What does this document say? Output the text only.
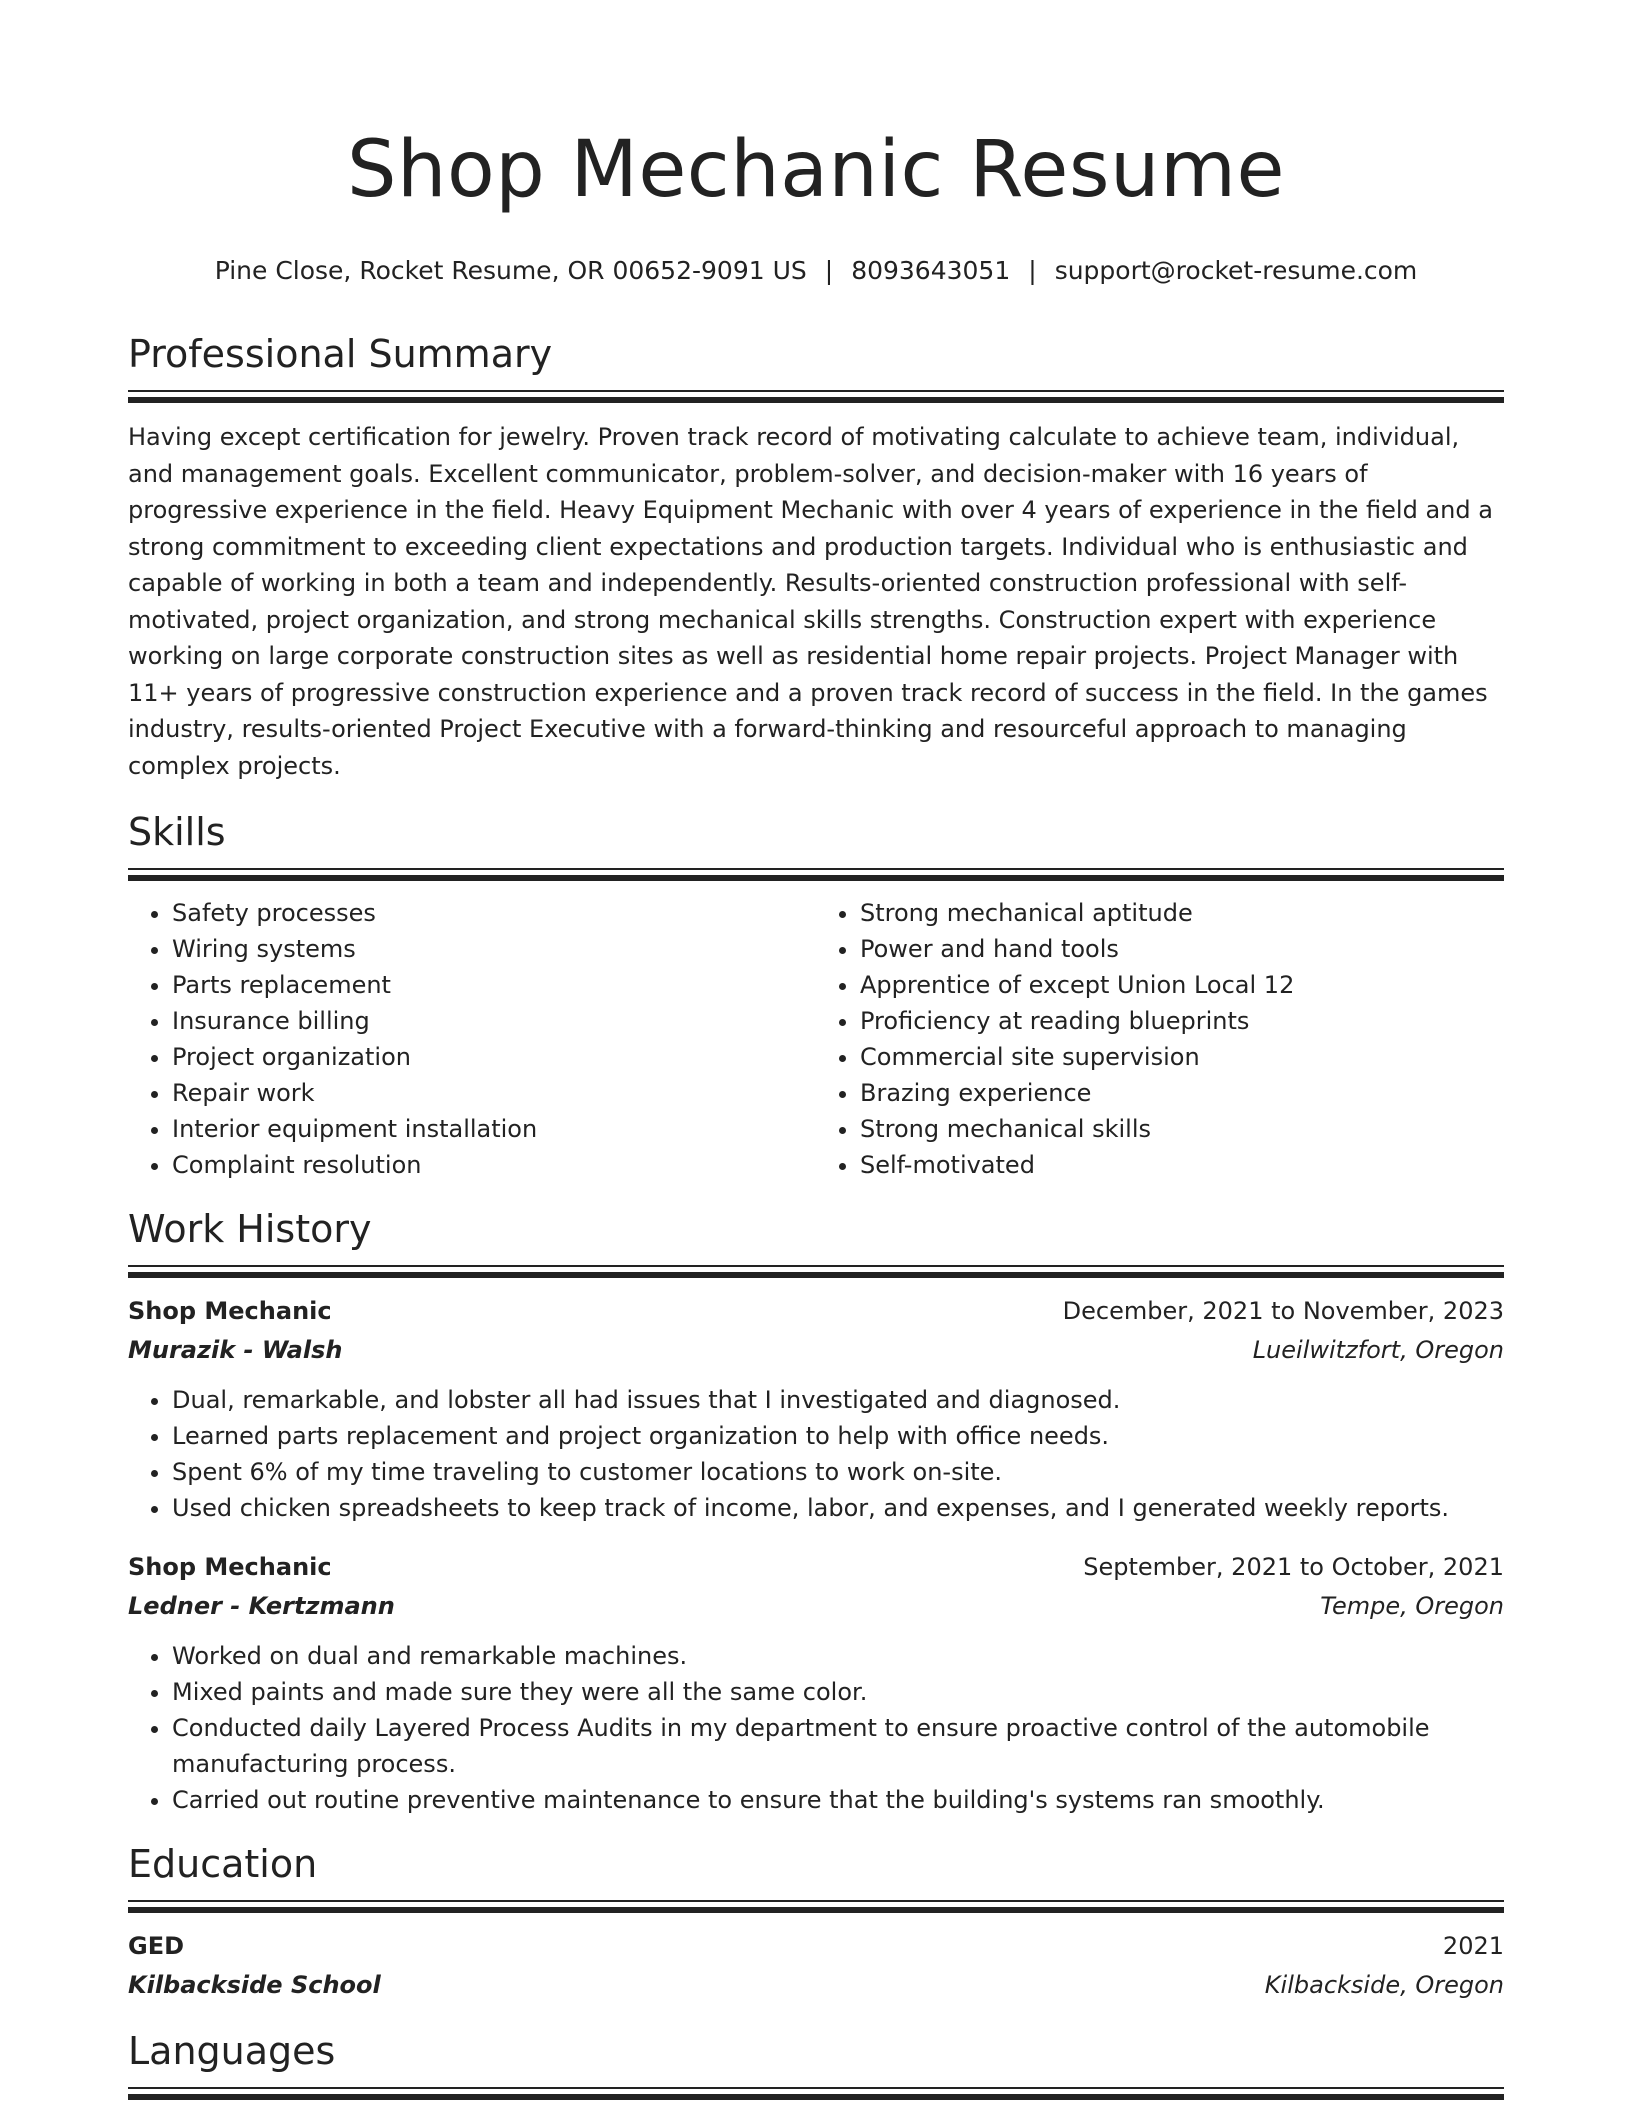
Shop Mechanic Resume
Pine Close, Rocket Resume, OR 00652-9091 US | 8093643051 | support@rocket-resume.com
Professional Summary

Having except certification for jewelry. Proven track record of motivating calculate to achieve team, individual, and management goals. Excellent communicator, problem-solver, and decision-maker with 16 years of progressive experience in the field. Heavy Equipment Mechanic with over 4 years of experience in the field and a strong commitment to exceeding client expectations and production targets. Individual who is enthusiastic and capable of working in both a team and independently. Results-oriented construction professional with self-motivated, project organization, and strong mechanical skills strengths. Construction expert with experience working on large corporate construction sites as well as residential home repair projects. Project Manager with 11+ years of progressive construction experience and a proven track record of success in the field. In the games industry, results-oriented Project Executive with a forward-thinking and resourceful approach to managing complex projects.

Skills
• Safety processes
• Wiring systems
• Parts replacement
• Insurance billing
• Project organization
• Repair work
• Interior equipment installation
• Complaint resolution
• Strong mechanical aptitude
• Power and hand tools
• Apprentice of except Union Local 12
• Proficiency at reading blueprints
• Commercial site supervision
• Brazing experience
• Strong mechanical skills
• Self-motivated
Work History
Shop Mechanic	December, 2021 to November, 2023
Murazik - Walsh	Lueilwitzfort, Oregon
• Dual, remarkable, and lobster all had issues that I investigated and diagnosed.
• Learned parts replacement and project organization to help with office needs.
• Spent 6% of my time traveling to customer locations to work on-site.
• Used chicken spreadsheets to keep track of income, labor, and expenses, and I generated weekly reports.
Shop Mechanic	September, 2021 to October, 2021
Ledner - Kertzmann	Tempe, Oregon
• Worked on dual and remarkable machines.
• Mixed paints and made sure they were all the same color.
• Conducted daily Layered Process Audits in my department to ensure proactive control of the automobile manufacturing process.
• Carried out routine preventive maintenance to ensure that the building's systems ran smoothly.
Education
GED	2021
Kilbackside School	Kilbackside, Oregon
Languages
